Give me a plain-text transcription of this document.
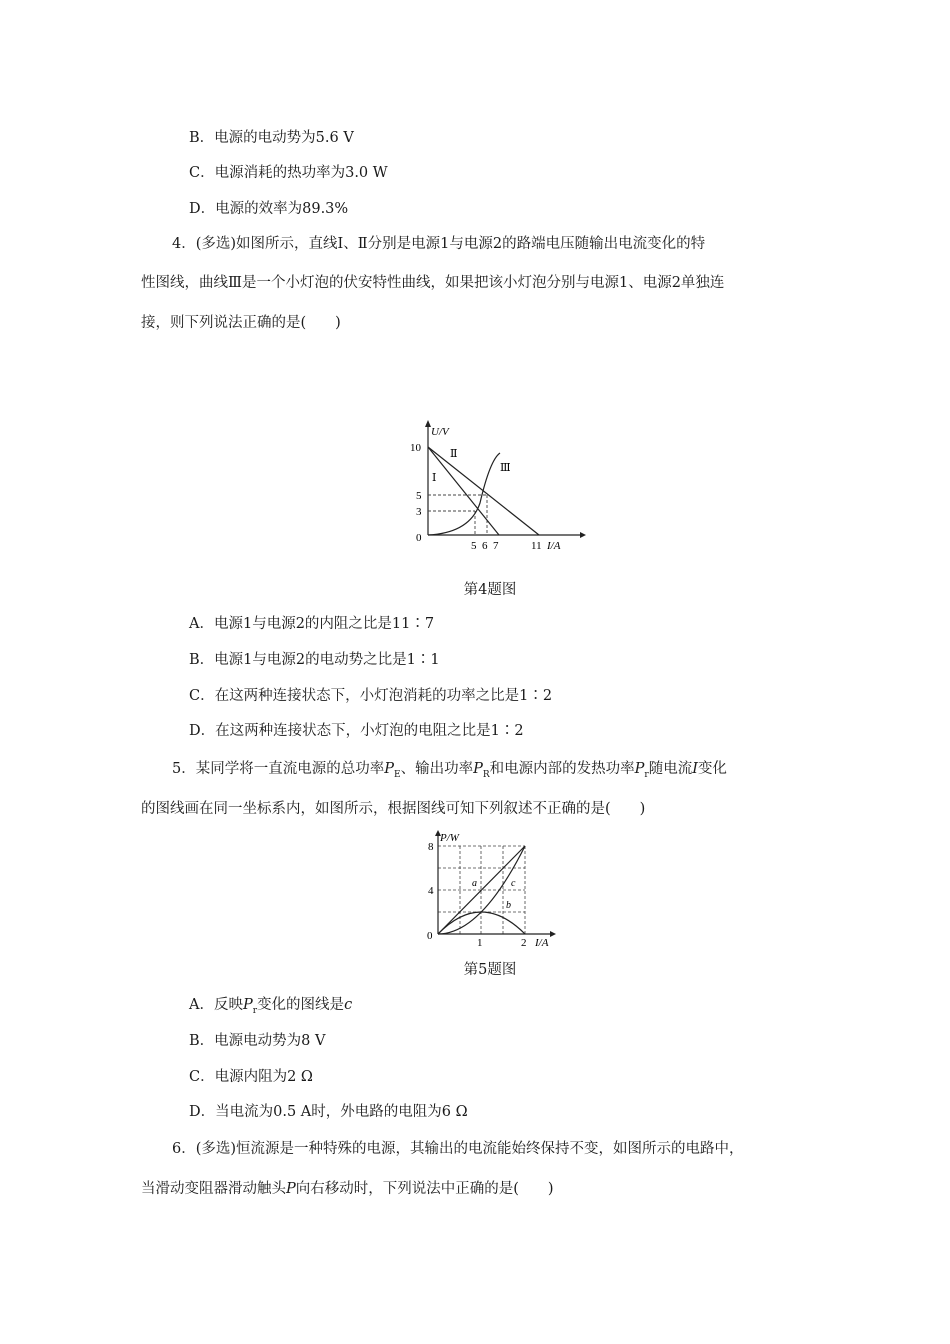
B．电源的电动势为5.6 V
C．电源消耗的热功率为3.0 W
D．电源的效率为89.3%
4．(多选)如图所示，直线Ⅰ、Ⅱ分别是电源1与电源2的路端电压随输出电流变化的特
性图线，曲线Ⅲ是一个小灯泡的伏安特性曲线，如果把该小灯泡分别与电源1、电源2单独连
接，则下列说法正确的是(　　)
U/V
I/A
0
10
5
3
5 6 7	11
Ⅰ
Ⅱ
Ⅲ
第4题图
A．电源1与电源2的内阻之比是11∶7
B．电源1与电源2的电动势之比是1∶1
C．在这两种连接状态下，小灯泡消耗的功率之比是1∶2
D．在这两种连接状态下，小灯泡的电阻之比是1∶2
5．某同学将一直流电源的总功率$P_E$、输出功率$P_R$和电源内部的发热功率$P_r$随电流I变化
的图线画在同一坐标系内，如图所示，根据图线可知下列叙述不正确的是(　　)
P/W
I/A
0
8
4
1	2
a
b
c
第5题图
A．反映$P_r$变化的图线是c
B．电源电动势为8 V
C．电源内阻为2 Ω
D．当电流为0.5 A时，外电路的电阻为6 Ω
6．(多选)恒流源是一种特殊的电源，其输出的电流能始终保持不变，如图所示的电路中，
当滑动变阻器滑动触头P向右移动时，下列说法中正确的是(　　)
